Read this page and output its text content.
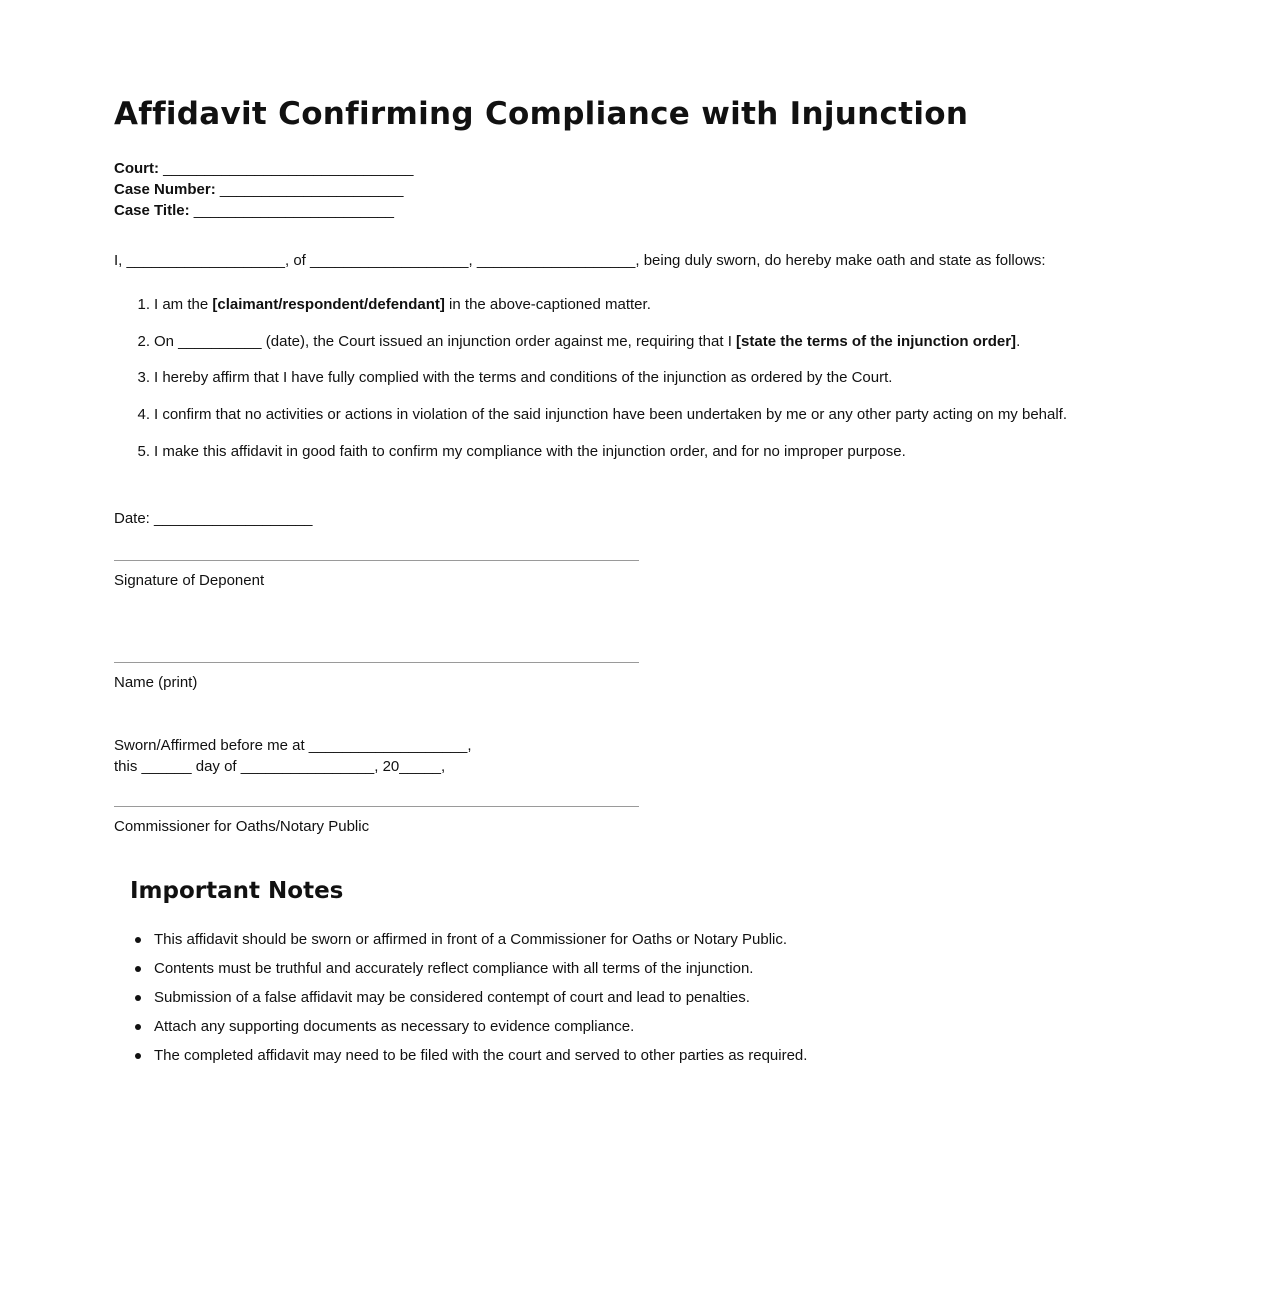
Affidavit Confirming Compliance with Injunction
Court: ______________________________
Case Number: ______________________
Case Title: ________________________

I, ___________________, of ___________________, ___________________, being duly sworn, do hereby make oath and state as follows:

1. I am the [claimant/respondent/defendant] in the above-captioned matter.
2. On __________ (date), the Court issued an injunction order against me, requiring that I [state the terms of the injunction order].
3. I hereby affirm that I have fully complied with the terms and conditions of the injunction as ordered by the Court.
4. I confirm that no activities or actions in violation of the said injunction have been undertaken by me or any other party acting on my behalf.
5. I make this affidavit in good faith to confirm my compliance with the injunction order, and for no improper purpose.
Date: ___________________
Signature of Deponent
Name (print)
Sworn/Affirmed before me at ___________________,
this ______ day of ________________, 20_____,
Commissioner for Oaths/Notary Public
Important Notes
This affidavit should be sworn or affirmed in front of a Commissioner for Oaths or Notary Public.
Contents must be truthful and accurately reflect compliance with all terms of the injunction.
Submission of a false affidavit may be considered contempt of court and lead to penalties.
Attach any supporting documents as necessary to evidence compliance.
The completed affidavit may need to be filed with the court and served to other parties as required.
